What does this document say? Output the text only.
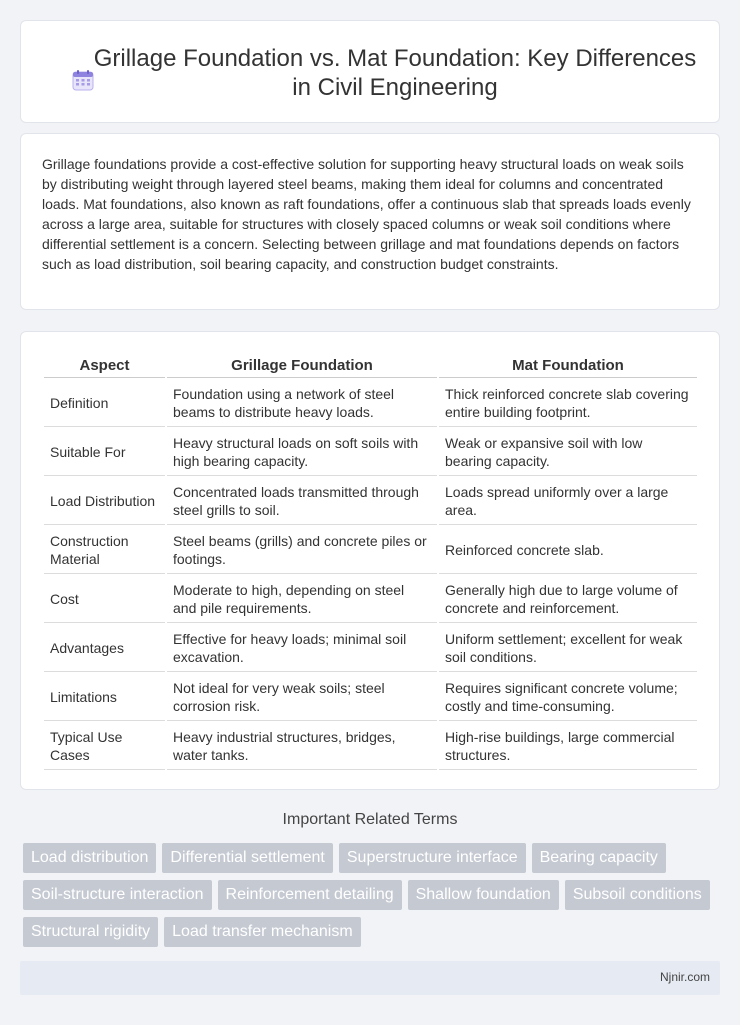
Grillage Foundation vs. Mat Foundation: Key Differences in Civil Engineering

Grillage foundations provide a cost-effective solution for supporting heavy structural loads on weak soils by distributing weight through layered steel beams, making them ideal for columns and concentrated loads. Mat foundations, also known as raft foundations, offer a continuous slab that spreads loads evenly across a large area, suitable for structures with closely spaced columns or weak soil conditions where differential settlement is a concern. Selecting between grillage and mat foundations depends on factors such as load distribution, soil bearing capacity, and construction budget constraints.

Aspect	Grillage Foundation	Mat Foundation
Definition	Foundation using a network of steel beams to distribute heavy loads.	Thick reinforced concrete slab covering entire building footprint.
Suitable For	Heavy structural loads on soft soils with high bearing capacity.	Weak or expansive soil with low bearing capacity.
Load Distribution	Concentrated loads transmitted through steel grills to soil.	Loads spread uniformly over a large area.
Construction Material	Steel beams (grills) and concrete piles or footings.	Reinforced concrete slab.
Cost	Moderate to high, depending on steel and pile requirements.	Generally high due to large volume of concrete and reinforcement.
Advantages	Effective for heavy loads; minimal soil excavation.	Uniform settlement; excellent for weak soil conditions.
Limitations	Not ideal for very weak soils; steel corrosion risk.	Requires significant concrete volume; costly and time-consuming.
Typical Use Cases	Heavy industrial structures, bridges, water tanks.	High-rise buildings, large commercial structures.
Important Related Terms
Load distribution	Differential settlement	Superstructure interface	Bearing capacity
Soil-structure interaction	Reinforcement detailing	Shallow foundation	Subsoil conditions
Structural rigidity	Load transfer mechanism
Njnir.com
